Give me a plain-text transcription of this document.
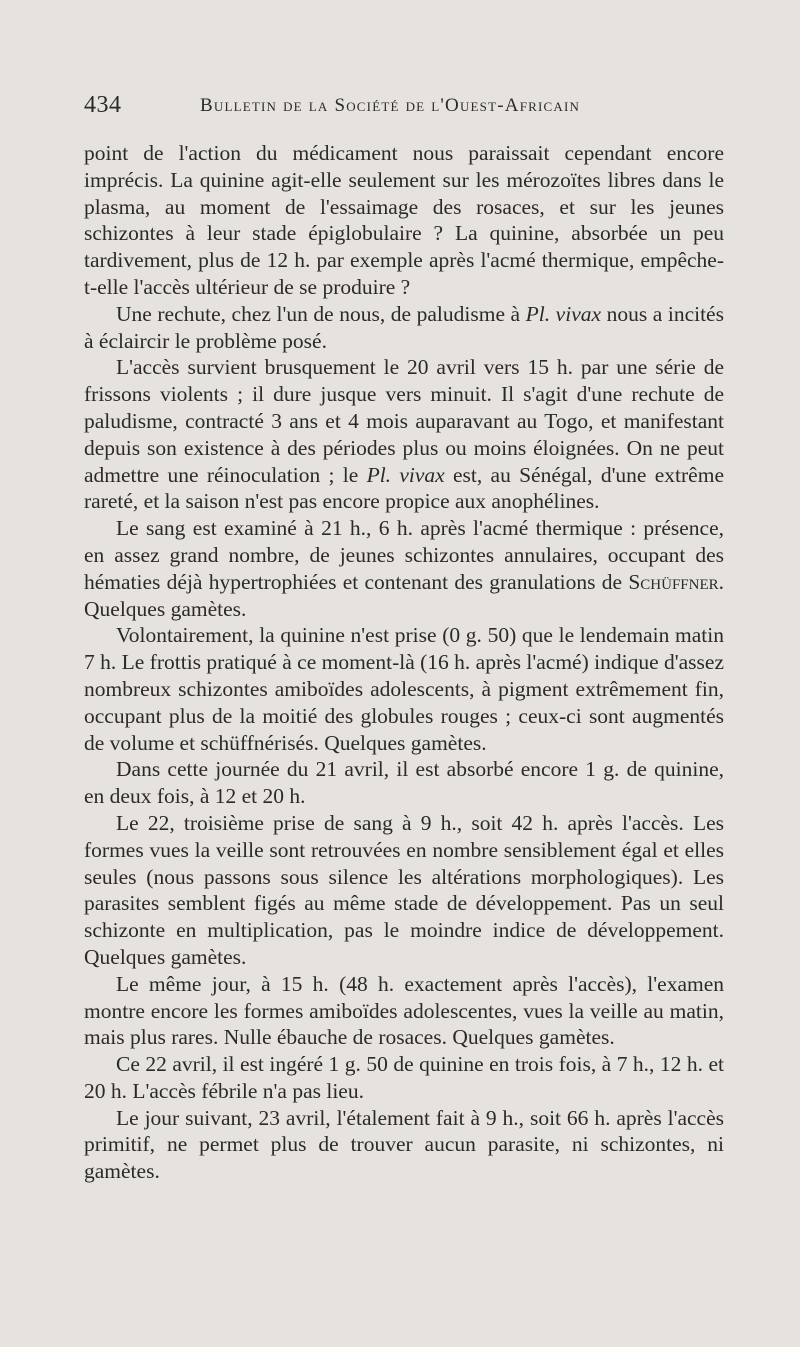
434	Bulletin de la Société de l'Ouest-Africain

point de l'action du médicament nous paraissait cependant encore imprécis. La quinine agit-elle seulement sur les mérozoïtes libres dans le plasma, au moment de l'essaimage des rosaces, et sur les jeunes schizontes à leur stade épiglobulaire ? La quinine, absorbée un peu tardivement, plus de 12 h. par exemple après l'acmé thermique, empêche-t-elle l'accès ultérieur de se produire ?

Une rechute, chez l'un de nous, de paludisme à Pl. vivax nous a incités à éclaircir le problème posé.

L'accès survient brusquement le 20 avril vers 15 h. par une série de frissons violents ; il dure jusque vers minuit. Il s'agit d'une rechute de paludisme, contracté 3 ans et 4 mois auparavant au Togo, et manifestant depuis son existence à des périodes plus ou moins éloignées. On ne peut admettre une réinoculation ; le Pl. vivax est, au Sénégal, d'une extrême rareté, et la saison n'est pas encore propice aux anophélines.

Le sang est examiné à 21 h., 6 h. après l'acmé thermique : présence, en assez grand nombre, de jeunes schizontes annulaires, occupant des hématies déjà hypertrophiées et contenant des granulations de Schüffner. Quelques gamètes.

Volontairement, la quinine n'est prise (0 g. 50) que le lendemain matin 7 h. Le frottis pratiqué à ce moment-là (16 h. après l'acmé) indique d'assez nombreux schizontes amiboïdes adolescents, à pigment extrêmement fin, occupant plus de la moitié des globules rouges ; ceux-ci sont augmentés de volume et schüffnérisés. Quelques gamètes.

Dans cette journée du 21 avril, il est absorbé encore 1 g. de quinine, en deux fois, à 12 et 20 h.

Le 22, troisième prise de sang à 9 h., soit 42 h. après l'accès. Les formes vues la veille sont retrouvées en nombre sensiblement égal et elles seules (nous passons sous silence les altérations morphologiques). Les parasites semblent figés au même stade de développement. Pas un seul schizonte en multiplication, pas le moindre indice de développement. Quelques gamètes.

Le même jour, à 15 h. (48 h. exactement après l'accès), l'examen montre encore les formes amiboïdes adolescentes, vues la veille au matin, mais plus rares. Nulle ébauche de rosaces. Quelques gamètes.

Ce 22 avril, il est ingéré 1 g. 50 de quinine en trois fois, à 7 h., 12 h. et 20 h. L'accès fébrile n'a pas lieu.

Le jour suivant, 23 avril, l'étalement fait à 9 h., soit 66 h. après l'accès primitif, ne permet plus de trouver aucun parasite, ni schizontes, ni gamètes.
